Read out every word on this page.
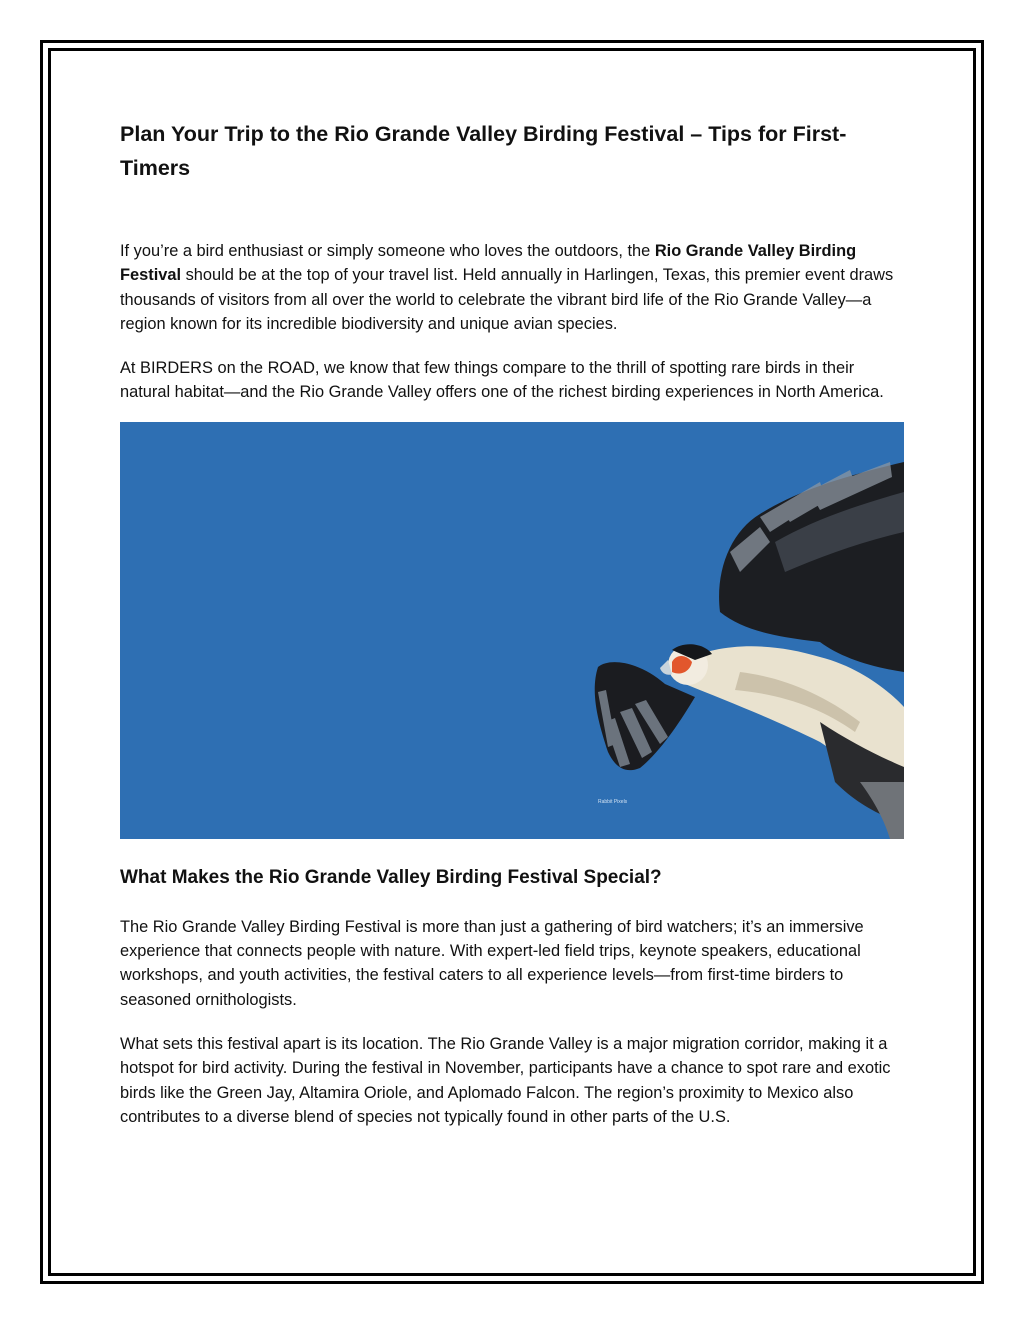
Plan Your Trip to the Rio Grande Valley Birding Festival – Tips for First-Timers

If you’re a bird enthusiast or simply someone who loves the outdoors, the Rio Grande Valley Birding Festival should be at the top of your travel list. Held annually in Harlingen, Texas, this premier event draws thousands of visitors from all over the world to celebrate the vibrant bird life of the Rio Grande Valley—a region known for its incredible biodiversity and unique avian species.

At BIRDERS on the ROAD, we know that few things compare to the thrill of spotting rare birds in their natural habitat—and the Rio Grande Valley offers one of the richest birding experiences in North America.

Rabbit Pixels
What Makes the Rio Grande Valley Birding Festival Special?

The Rio Grande Valley Birding Festival is more than just a gathering of bird watchers; it’s an immersive experience that connects people with nature. With expert-led field trips, keynote speakers, educational workshops, and youth activities, the festival caters to all experience levels—from first-time birders to seasoned ornithologists.

What sets this festival apart is its location. The Rio Grande Valley is a major migration corridor, making it a hotspot for bird activity. During the festival in November, participants have a chance to spot rare and exotic birds like the Green Jay, Altamira Oriole, and Aplomado Falcon. The region’s proximity to Mexico also contributes to a diverse blend of species not typically found in other parts of the U.S.
